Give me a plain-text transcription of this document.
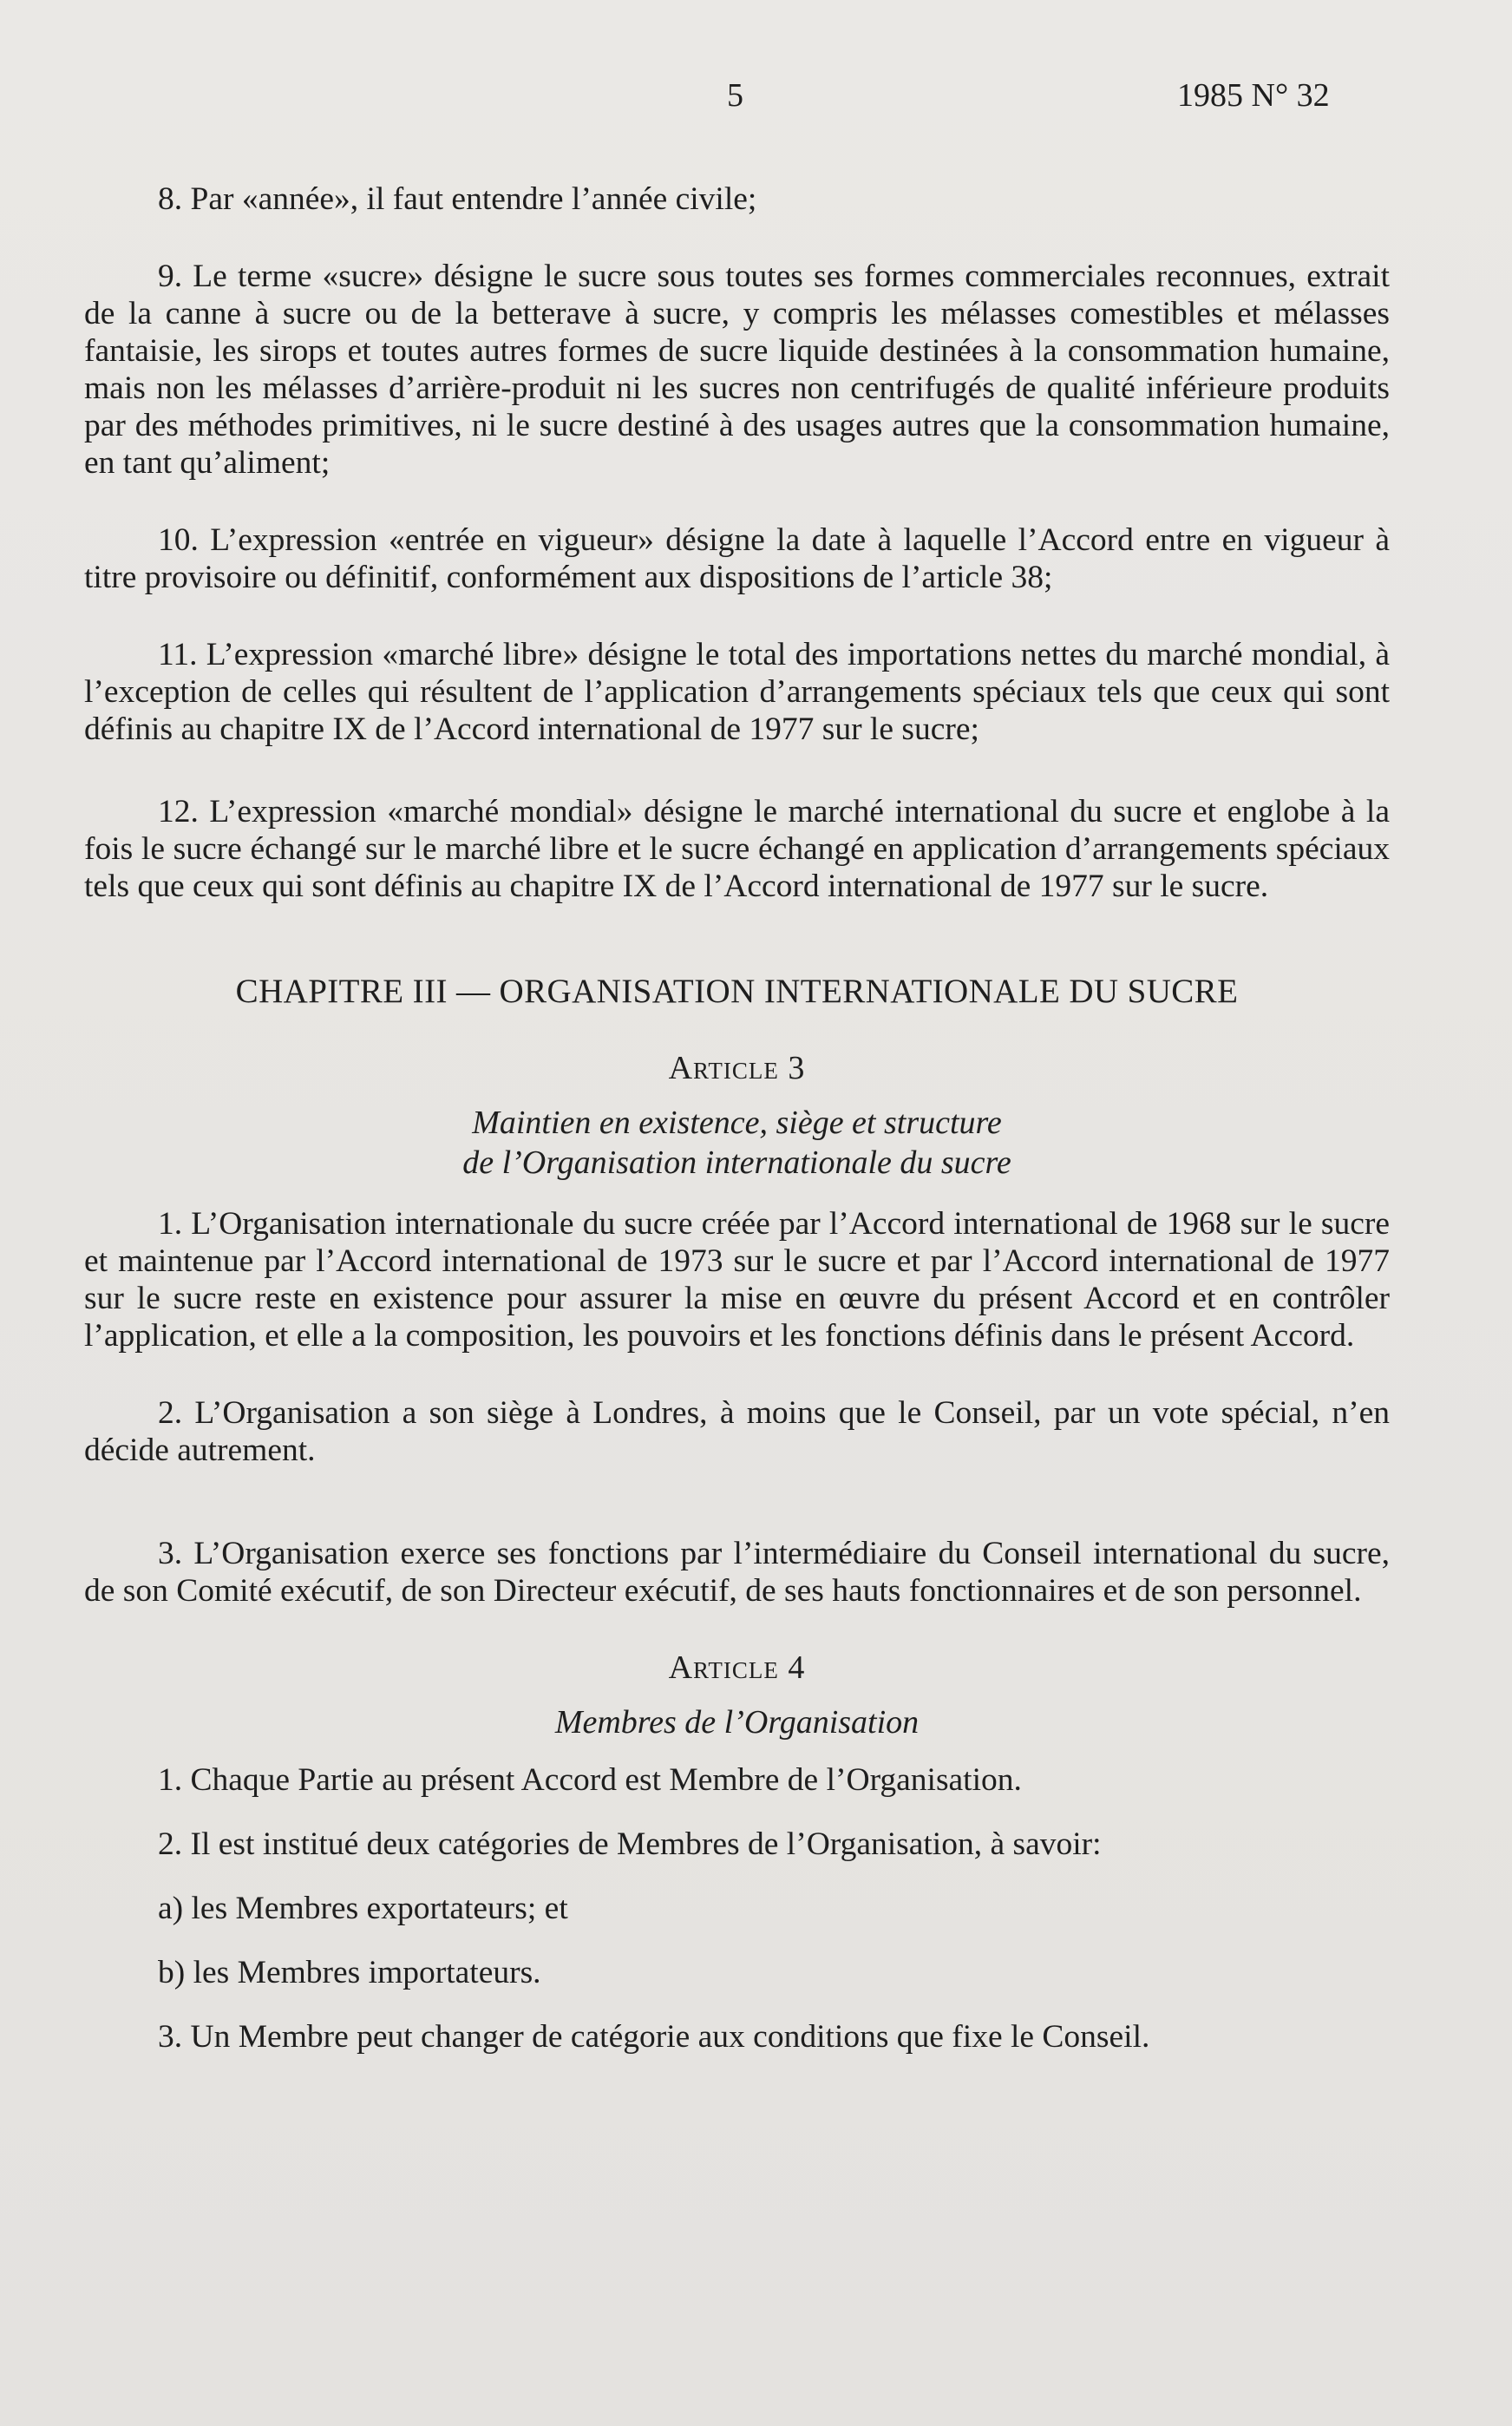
5	1985 N° 32

8. Par «année», il faut entendre l’année civile;

9. Le terme «sucre» désigne le sucre sous toutes ses formes commerciales reconnues, extrait de la canne à sucre ou de la betterave à sucre, y compris les mélasses comestibles et mélasses fantaisie, les sirops et toutes autres formes de sucre liquide destinées à la consommation humaine, mais non les mélasses d’arrière-produit ni les sucres non centrifugés de qualité inférieure produits par des méthodes primitives, ni le sucre destiné à des usages autres que la consommation humaine, en tant qu’aliment;

10. L’expression «entrée en vigueur» désigne la date à laquelle l’Accord entre en vigueur à titre provisoire ou définitif, conformément aux dispositions de l’article 38;

11. L’expression «marché libre» désigne le total des importations nettes du marché mondial, à l’exception de celles qui résultent de l’application d’arrangements spéciaux tels que ceux qui sont définis au chapitre IX de l’Accord international de 1977 sur le sucre;

12. L’expression «marché mondial» désigne le marché international du sucre et englobe à la fois le sucre échangé sur le marché libre et le sucre échangé en application d’arrangements spéciaux tels que ceux qui sont définis au chapitre IX de l’Accord international de 1977 sur le sucre.

CHAPITRE III — ORGANISATION INTERNATIONALE DU SUCRE

Article 3

Maintien en existence, siège et structure

de l’Organisation internationale du sucre

1. L’Organisation internationale du sucre créée par l’Accord international de 1968 sur le sucre et maintenue par l’Accord international de 1973 sur le sucre et par l’Accord international de 1977 sur le sucre reste en existence pour assurer la mise en œuvre du présent Accord et en contrôler l’application, et elle a la composition, les pouvoirs et les fonctions définis dans le présent Accord.

2. L’Organisation a son siège à Londres, à moins que le Conseil, par un vote spécial, n’en décide autrement.

3. L’Organisation exerce ses fonctions par l’intermédiaire du Conseil international du sucre, de son Comité exécutif, de son Directeur exécutif, de ses hauts fonctionnaires et de son personnel.

Article 4

Membres de l’Organisation

1. Chaque Partie au présent Accord est Membre de l’Organisation.

2. Il est institué deux catégories de Membres de l’Organisation, à savoir:

a) les Membres exportateurs; et

b) les Membres importateurs.

3. Un Membre peut changer de catégorie aux conditions que fixe le Conseil.
